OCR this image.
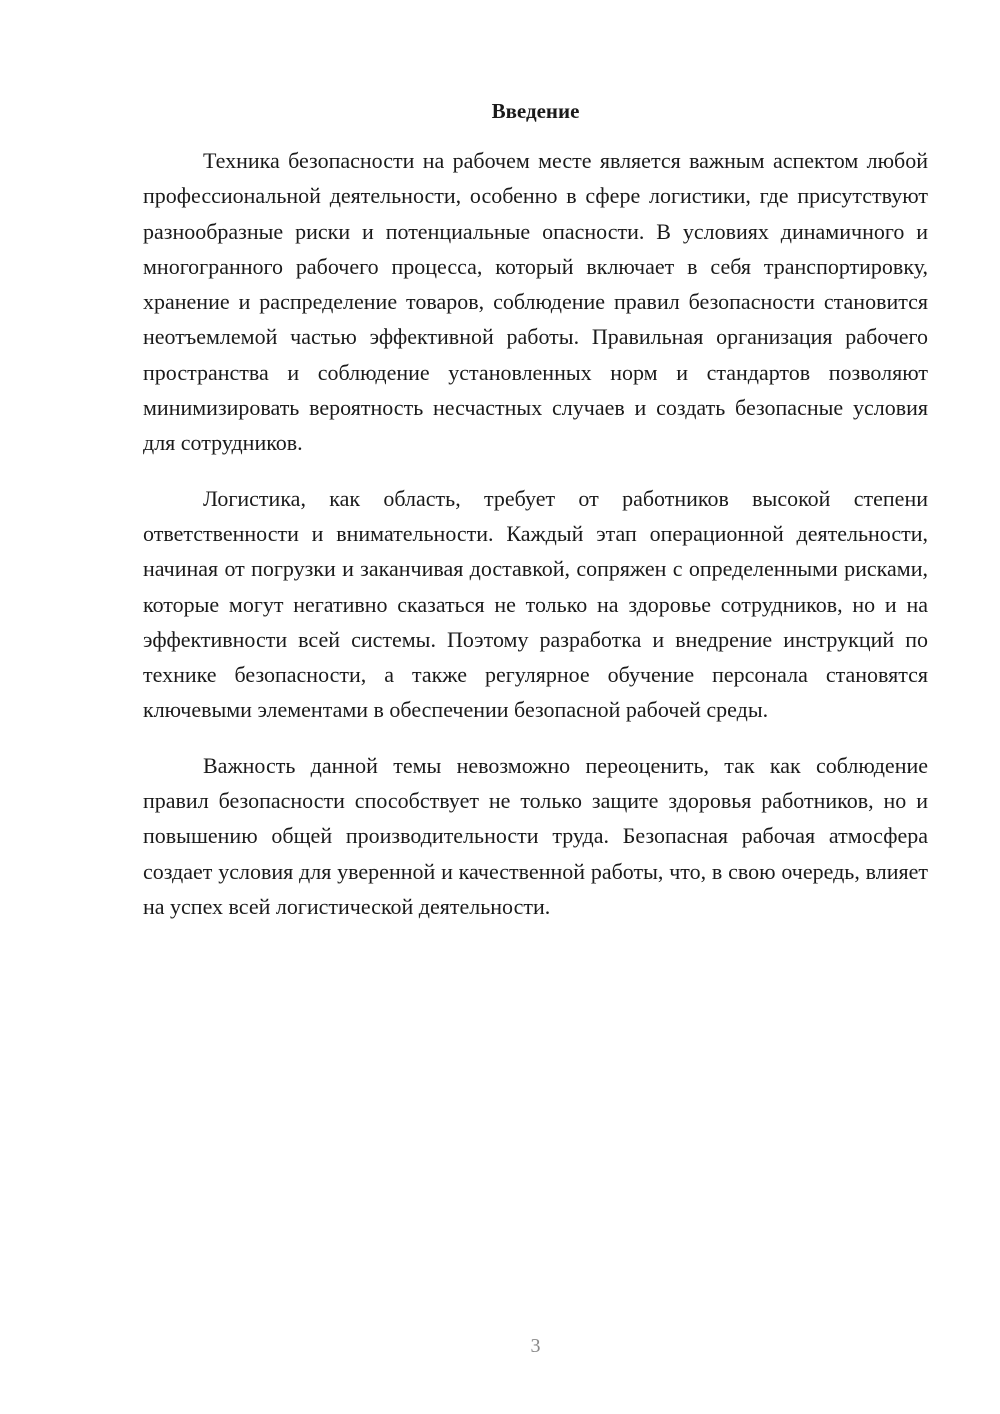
Введение

Техника безопасности на рабочем месте является важным аспектом любой профессиональной деятельности, особенно в сфере логистики, где присутствуют разнообразные риски и потенциальные опасности. В условиях динамичного и многогранного рабочего процесса, который включает в себя транспортировку, хранение и распределение товаров, соблюдение правил безопасности становится неотъемлемой частью эффективной работы. Правильная организация рабочего пространства и соблюдение установленных норм и стандартов позволяют минимизировать вероятность несчастных случаев и создать безопасные условия для сотрудников.

Логистика, как область, требует от работников высокой степени ответственности и внимательности. Каждый этап операционной деятельности, начиная от погрузки и заканчивая доставкой, сопряжен с определенными рисками, которые могут негативно сказаться не только на здоровье сотрудников, но и на эффективности всей системы. Поэтому разработка и внедрение инструкций по технике безопасности, а также регулярное обучение персонала становятся ключевыми элементами в обеспечении безопасной рабочей среды.

Важность данной темы невозможно переоценить, так как соблюдение правил безопасности способствует не только защите здоровья работников, но и повышению общей производительности труда. Безопасная рабочая атмосфера создает условия для уверенной и качественной работы, что, в свою очередь, влияет на успех всей логистической деятельности.

3
